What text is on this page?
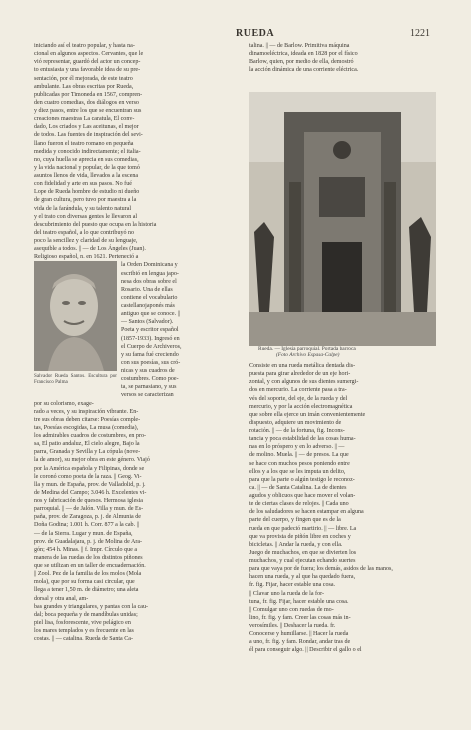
RUEDA	1221

iniciando así el teatro popular, y hasta na-

cional en algunos aspectos. Cervantes, que le

vió representar, guardó del actor un concep-

to entusiasta y una favorable idea de su pre-

sentación, por él mejorada, de este teatro

ambulante. Las obras escritas por Rueda,

publicadas por Timoneda en 1567, compren-

den cuatro comedias, dos diálogos en verso

y diez pasos, entre los que se encuentran sus

creaciones maestras La caratula, El conv-

dado, Los criados y Las aceitunas, el mejor

de todos. Las fuentes de inspiración del sevi-

llano fueron el teatro romano en pequeña

medida y conocido indirectamente; el italia-

no, cuya huella se aprecia en sus comedias,

y la vida nacional y popular, de la que tomó

asuntos llenos de vida, llevados a la escena

con fidelidad y arte en sus pasos. No fué

Lope de Rueda hombre de estudio ni dueño

de gran cultura, pero tuvo por maestra a la

vida de la farándula, y su talento natural

y el trato con diversas gentes le llevaron al

descubrimiento del puesto que ocupa en la historia

del teatro español, a lo que contribuyó no

poco la sencillez y claridad de su lenguaje,

asequible a todos. || — de Los Ángeles (Juan).

Religioso español, n. en 1621. Perteneció a

Salvador Rueda Santos. Escultura por Francisco Palma

la Orden Dominicana y

escribió en lengua japo-

nesa dos obras sobre el

Rosario. Una de ellas

contiene el vocabulario

castellanojaponés más

antiguo que se conoce. ||

— Santos (Salvador).

Poeta y escritor español

(1857-1933). Ingresó en

el Cuerpo de Archiveros,

y su fama fué creciendo

con sus poesías, sus cró-

nicas y sus cuadros de

costumbres. Como poe-

ta, se parnasiano, y sus

versos se caracterizan

por su colorismo, exage-

rado a veces, y su inspiración vibrante. En-

tre sus obras deben citarse: Poesías comple-

tas, Poesías escogidas, La musa (comedia),

los admirables cuadros de costumbres, en pro-

sa, El patio andaluz, El cielo alegre, Bajo la

parra, Granada y Sevilla y La cópula (nove-

la de amor), su mejor obra en este género. Viajó

por la América española y Filipinas, donde se

le coronó como poeta de la raza. || Geog. Vi-

lla y mun. de España, prov. de Valladolid, p. j.

de Medina del Campo; 3.046 h. Excelentes vi-

nos y fabricación de quesos. Hermosa iglesia

parroquial. || — de Jalón. Villa y mun. de Es-

paña, prov. de Zaragoza, p. j. de Almunia de

Doña Godina; 1.001 h. Corr. 877 a la cab. ||

— de la Sierra. Lugar y mun. de España,

prov. de Guadalajara, p. j. de Molina de Ara-

gón; 454 h. Minas. || f. Impr. Círculo que a

manera de las ruedas de los distintos piñones

que se utilizan en un taller de encuadernación.

|| Zool. Pez de la familia de los molos (Mola

mola), que por su forma casi circular, que

llega a tener 1,50 m. de diámetro; una aleta

dorsal y otra anal, am-

bas grandes y triangulares, y pantas con la cau-

dal; boca pequeña y de mandíbulas unidas;

piel lisa, fosforescente, vive pelágico en

los mares templados y es frecuente en las

costas. || — catalina. Rueda de Santa Ca-

talina. || — de Barlow. Primitiva máquina

dinamoeléctrica, ideada en 1828 por el físico

Barlow, quien, por medio de ella, demostró

la acción dinámica de una corriente eléctrica.

Rueda. — Iglesia parroquial. Portada barroca
(Foto Archivo Espasa-Calpe)

Consiste en una rueda metálica dentada dis-

puesta para girar alrededor de un eje hori-

zontal, y con algunos de sus dientes sumergi-

dos en mercurio. La corriente pasa a tra-

vés del soporte, del eje, de la rueda y del

mercurio, y por la acción electromagnética

que sobre ella ejerce un imán convenientemente

dispuesto, adquiere un movimiento de

rotación. || — de la fortuna, fig. Incons-

tancia y poca estabilidad de las cosas huma-

nas en lo próspero y en lo adverso. || —

de molino. Muela. || — de presos. La que

se hace con muchos pesos poniendo entre

ellos y a los que se les imputa un delito,

para que la parte o algún testigo le reconoz-

ca. || — de Santa Catalina. La de dientes

agudos y oblicuos que hace mover el volan-

te de ciertas clases de relojes. || Cada uno

de los saludadores se hacen estampar en alguna

parte del cuerpo, y fingen que es de la

rueda en que padeció martirio. || — libre. La

que va provista de piñón libre en coches y

bicicletas. || Andar la rueda, y con ella.

Juego de muchachos, en que se divierten los

muchachos, y cual ejecutan echando suertes

para que vaya por de fuera; los demás, asidos de las manos,

hacen una rueda, y al que ha quedado fuera,

fr. fig. Fijar, hacer estable una cosa.

|| Clavar uno la rueda de la for-

tuna, fr. fig. Fijar, hacer estable una cosa.

|| Comulgar uno con ruedas de mo-

lino, fr. fig. y fam. Creer las cosas más in-

verosímiles. || Deshacer la rueda. fr.

Conocerse y humillarse. || Hacer la rueda

a uno, fr. fig. y fam. Rondar, andar tras de

él para conseguir algo. || Describir el gallo o el
